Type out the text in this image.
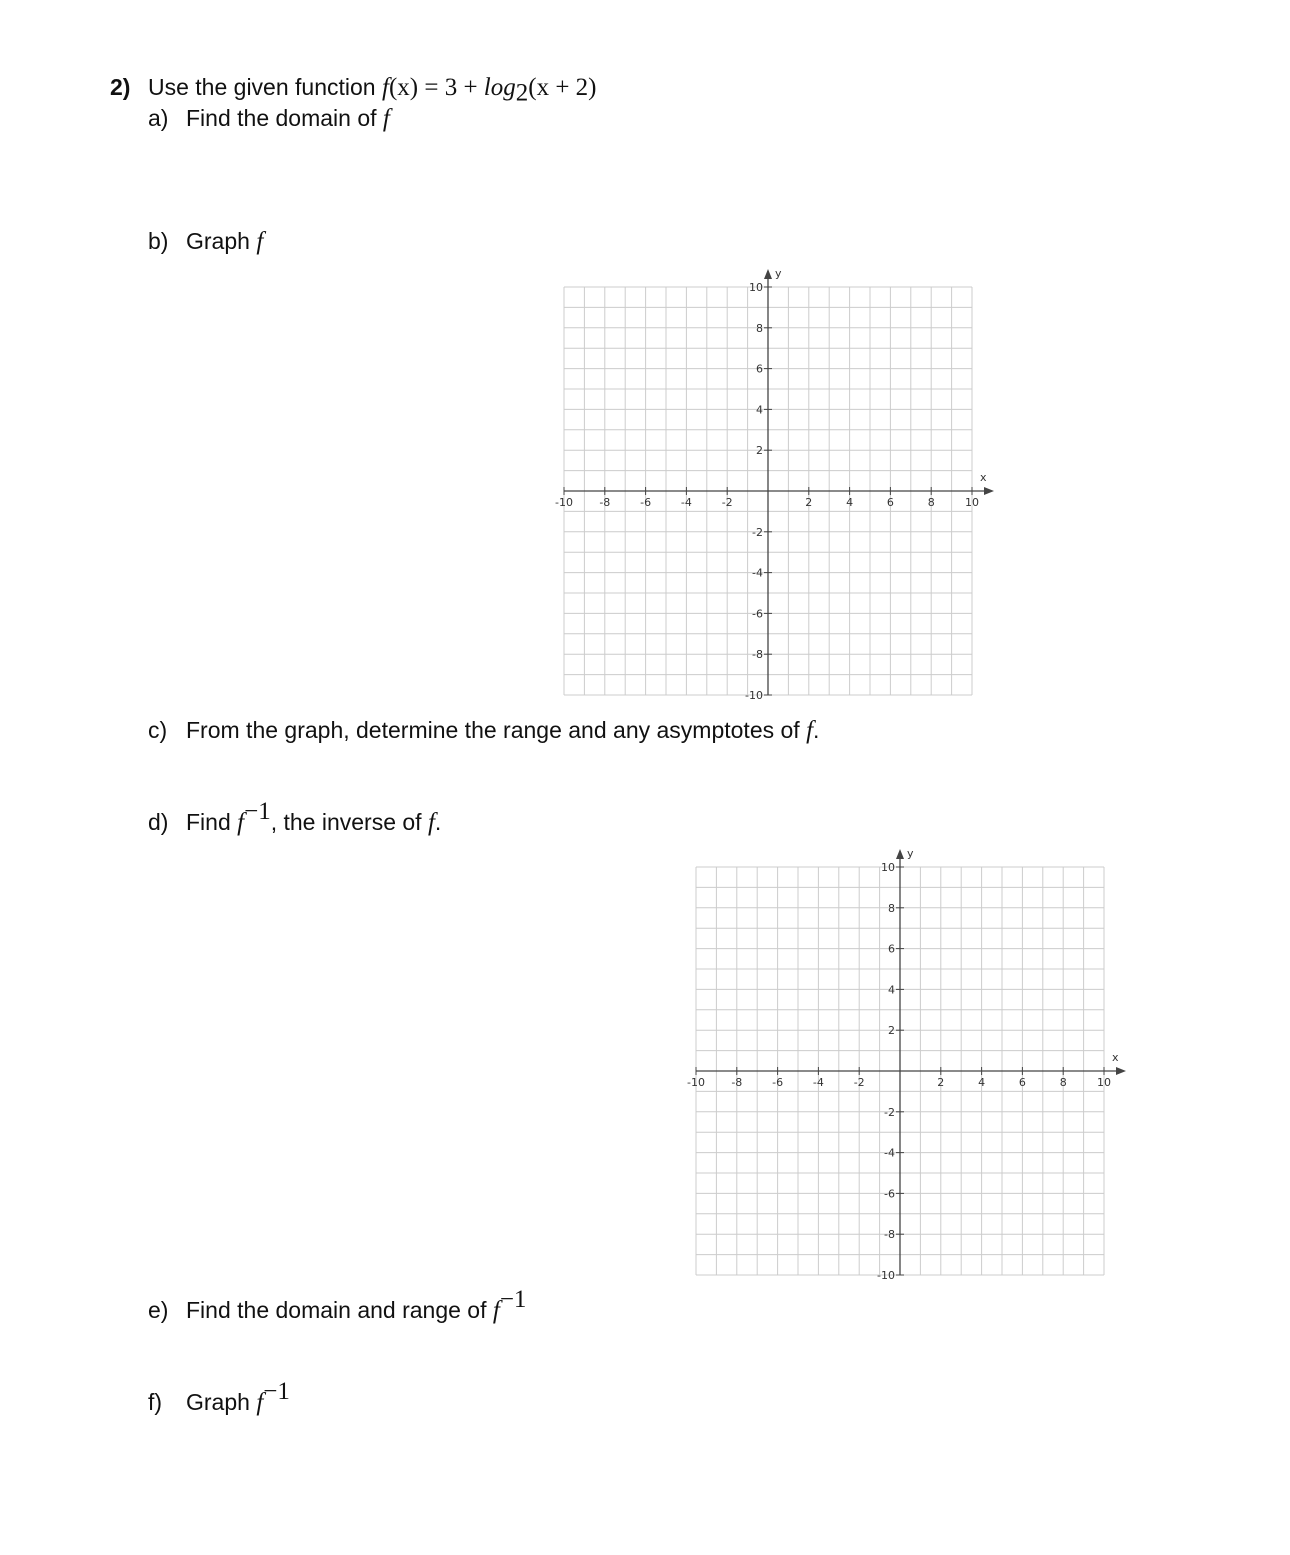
2) Use the given function $f(x) = 3 + \log_2(x + 2)$
a) Find the domain of f
b) Graph f
x
y
-10 -8	-6	-4	-2	2	4	6	8	10
10
8
6
4
2
-2
-4
-6
-8
-10
c) From the graph, determine the range and any asymptotes of f.
d) Find $f^{-1}$, the inverse of f.
x
y
-10 -8	-6	-4	-2	2	4	6	8	10
10
8
6
4
2
-2
-4
-6
-8
-10
e) Find the domain and range of $f^{-1}$
f) Graph $f^{-1}$
